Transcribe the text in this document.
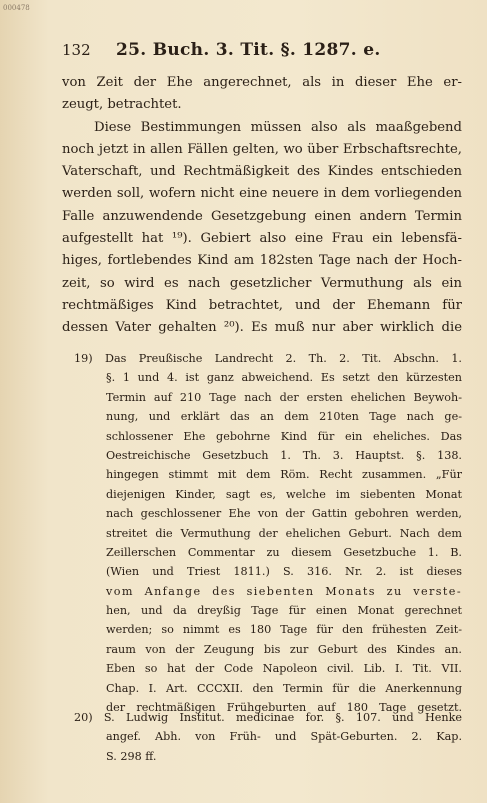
000478
132	25. Buch. 3. Tit. §. 1287. e.
von Zeit der Ehe angerechnet, als in dieser Ehe er-
zeugt, betrachtet.
Diese Bestimmungen müssen also als maaßgebend
noch jetzt in allen Fällen gelten, wo über Erbschaftsrechte,
Vaterschaft, und Rechtmäßigkeit des Kindes entschieden
werden soll, wofern nicht eine neuere in dem vorliegenden
Falle anzuwendende Gesetzgebung einen andern Termin
aufgestellt hat ¹⁹). Gebiert also eine Frau ein lebensfä-
higes, fortlebendes Kind am 182sten Tage nach der Hoch-
zeit, so wird es nach gesetzlicher Vermuthung als ein
rechtmäßiges Kind betrachtet, und der Ehemann für
dessen Vater gehalten ²⁰). Es muß nur aber wirklich die
19) Das Preußische Landrecht 2. Th. 2. Tit. Abschn. 1.
§. 1 und 4. ist ganz abweichend. Es setzt den kürzesten
Termin auf 210 Tage nach der ersten ehelichen Beywoh-
nung, und erklärt das an dem 210ten Tage nach ge-
schlossener Ehe gebohrne Kind für ein eheliches. Das
Oestreichische Gesetzbuch 1. Th. 3. Hauptst. §. 138.
hingegen stimmt mit dem Röm. Recht zusammen. „Für
diejenigen Kinder, sagt es, welche im siebenten Monat
nach geschlossener Ehe von der Gattin gebohren werden,
streitet die Vermuthung der ehelichen Geburt. Nach dem
Zeillerschen Commentar zu diesem Gesetzbuche 1. B.
(Wien und Triest 1811.) S. 316. Nr. 2. ist dieses
vom Anfange des siebenten Monats zu verste-
hen, und da dreyßig Tage für einen Monat gerechnet
werden; so nimmt es 180 Tage für den frühesten Zeit-
raum von der Zeugung bis zur Geburt des Kindes an.
Eben so hat der Code Napoleon civil. Lib. I. Tit. VII.
Chap. I. Art. CCCXII. den Termin für die Anerkennung
der rechtmäßigen Frühgeburten auf 180 Tage gesetzt.
20) S. Ludwig Institut. medicinae for. §. 107. und Henke
angef. Abh. von Früh- und Spät-Geburten. 2. Kap.
S. 298 ff.
